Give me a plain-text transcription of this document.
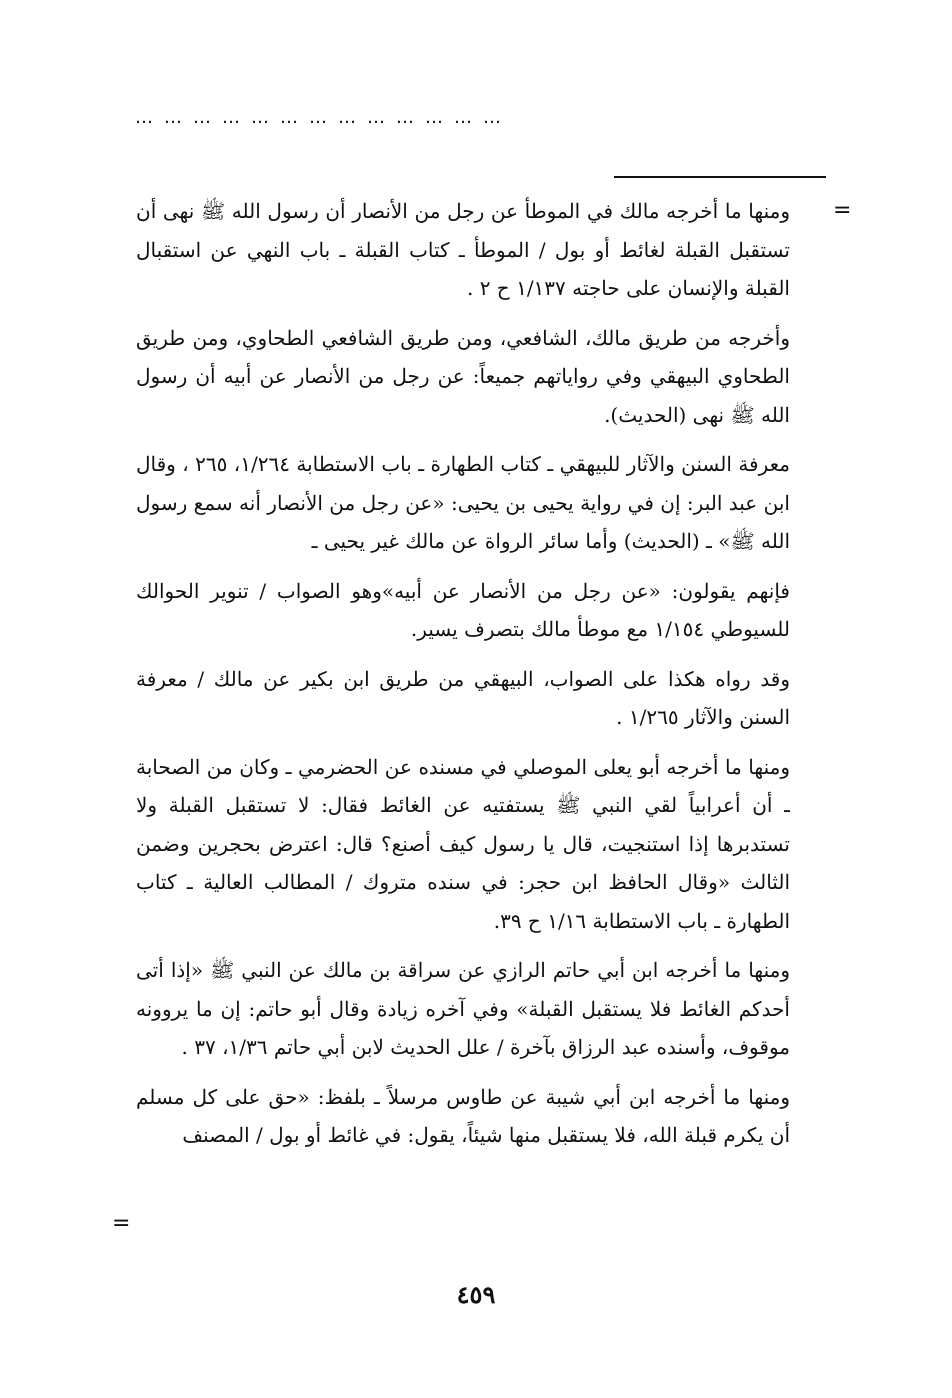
…………………………………
=

ومنها ما أخرجه مالك في الموطأ عن رجل من الأنصار أن رسول الله ﷺ نهى أن تستقبل القبلة لغائط أو بول / الموطأ ـ كتاب القبلة ـ باب النهي عن استقبال القبلة والإنسان على حاجته ١/١٣٧ ح ٢ .

وأخرجه من طريق مالك، الشافعي، ومن طريق الشافعي الطحاوي، ومن طريق الطحاوي البيهقي وفي رواياتهم جميعاً: عن رجل من الأنصار عن أبيه أن رسول الله ﷺ نهى (الحديث).

معرفة السنن والآثار للبيهقي ـ كتاب الطهارة ـ باب الاستطابة ١/٢٦٤، ٢٦٥ ، وقال ابن عبد البر: إن في رواية يحيى بن يحيى: «عن رجل من الأنصار أنه سمع رسول الله ﷺ» ـ (الحديث) وأما سائر الرواة عن مالك غير يحيى ـ

فإنهم يقولون: «عن رجل من الأنصار عن أبيه»وهو الصواب / تنوير الحوالك للسيوطي ١/١٥٤ مع موطأ مالك بتصرف يسير.

وقد رواه هكذا على الصواب، البيهقي من طريق ابن بكير عن مالك / معرفة السنن والآثار ١/٢٦٥ .

ومنها ما أخرجه أبو يعلى الموصلي في مسنده عن الحضرمي ـ وكان من الصحابة ـ أن أعرابياً لقي النبي ﷺ يستفتيه عن الغائط فقال: لا تستقبل القبلة ولا تستدبرها إذا استنجيت، قال يا رسول كيف أصنع؟ قال: اعترض بحجرين وضمن الثالث «وقال الحافظ ابن حجر: في سنده متروك / المطالب العالية ـ كتاب الطهارة ـ باب الاستطابة ١/١٦ ح ٣٩.

ومنها ما أخرجه ابن أبي حاتم الرازي عن سراقة بن مالك عن النبي ﷺ «إذا أتى أحدكم الغائط فلا يستقبل القبلة» وفي آخره زيادة وقال أبو حاتم: إن ما يروونه موقوف، وأسنده عبد الرزاق بآخرة / علل الحديث لابن أبي حاتم ١/٣٦، ٣٧ .

ومنها ما أخرجه ابن أبي شيبة عن طاوس مرسلاً ـ بلفظ: «حق على كل مسلم أن يكرم قبلة الله، فلا يستقبل منها شيئاً، يقول: في غائط أو بول / المصنف

=
٤٥٩
